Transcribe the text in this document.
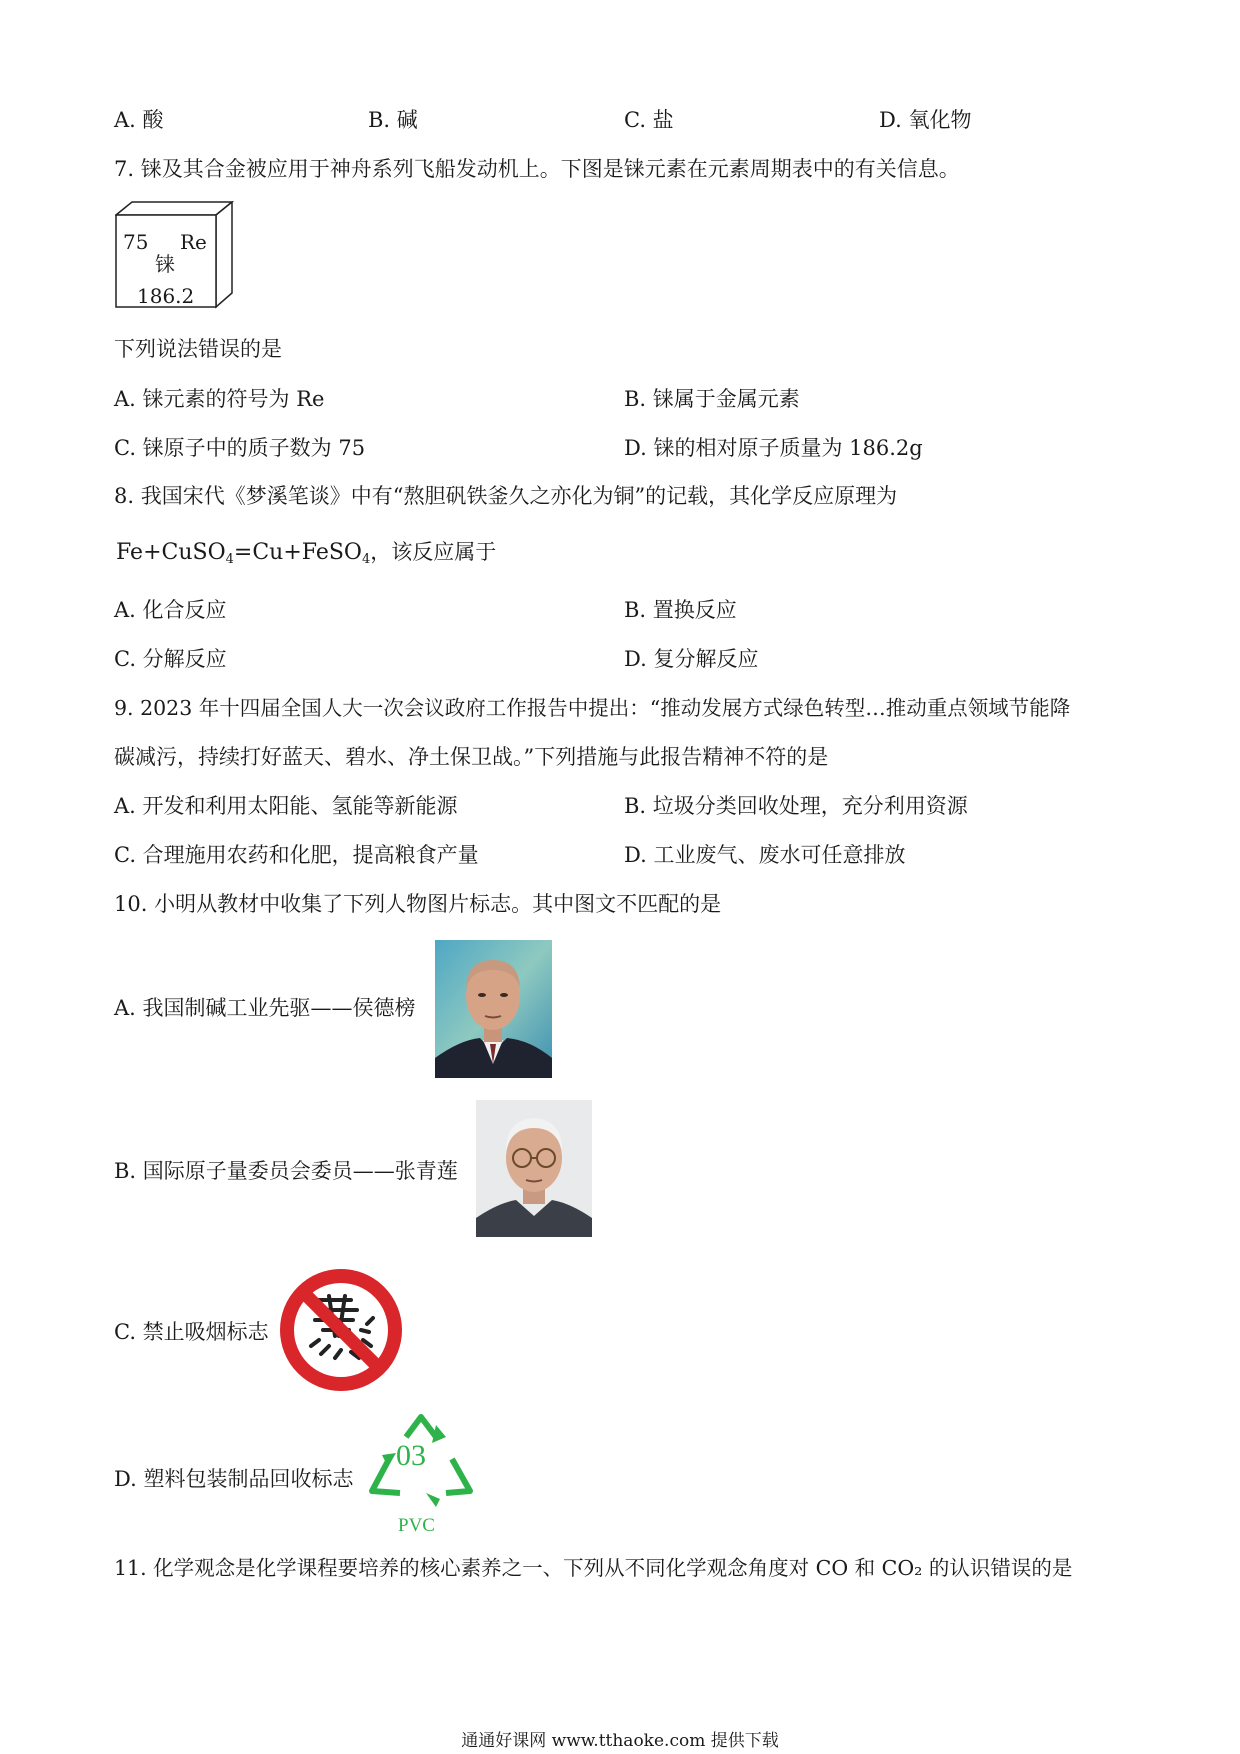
A. 酸	B. 碱	C. 盐	D. 氧化物
7. 铼及其合金被应用于神舟系列飞船发动机上。下图是铼元素在元素周期表中的有关信息。
75 Re
铼
186.2
下列说法错误的是
A. 铼元素的符号为 Re	B. 铼属于金属元素
C. 铼原子中的质子数为 75	D. 铼的相对原子质量为 186.2g
8. 我国宋代《梦溪笔谈》中有“熬胆矾铁釜久之亦化为铜”的记载，其化学反应原理为
Fe+CuSO$_4$=Cu+FeSO$_4$，该反应属于
A. 化合反应	B. 置换反应
C. 分解反应	D. 复分解反应
9. 2023 年十四届全国人大一次会议政府工作报告中提出：“推动发展方式绿色转型…推动重点领域节能降
碳减污，持续打好蓝天、碧水、净土保卫战。”下列措施与此报告精神不符的是
A. 开发和利用太阳能、氢能等新能源	B. 垃圾分类回收处理，充分利用资源
C. 合理施用农药和化肥，提高粮食产量	D. 工业废气、废水可任意排放
10. 小明从教材中收集了下列人物图片标志。其中图文不匹配的是
A. 我国制碱工业先驱——侯德榜
B. 国际原子量委员会委员——张青莲
C. 禁止吸烟标志
D. 塑料包装制品回收标志
03
PVC
11. 化学观念是化学课程要培养的核心素养之一、下列从不同化学观念角度对 CO 和 CO₂ 的认识错误的是
通通好课网 www.tthaoke.com 提供下载
